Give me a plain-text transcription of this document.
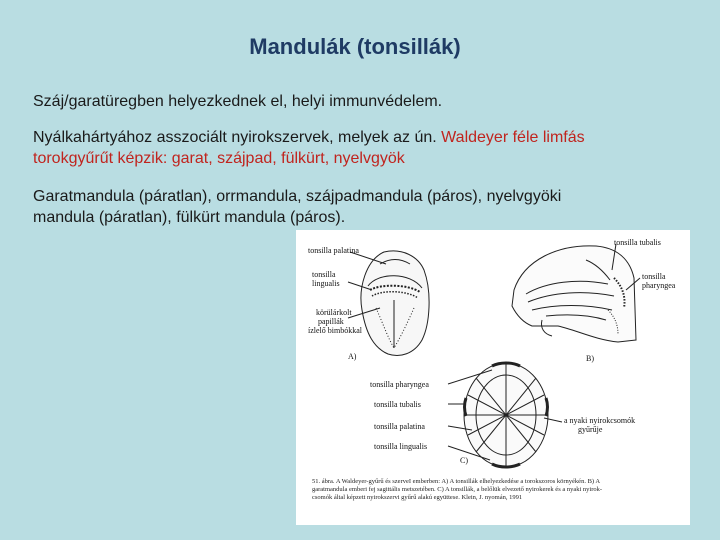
Mandulák (tonsillák)
Száj/garatüregben helyezkednek el, helyi immunvédelem.
Nyálkahártyához asszociált nyirokszervek, melyek az ún. Waldeyer féle limfás
torokgyűrűt képzik: garat, szájpad, fülkürt, nyelvgyök
Garatmandula (páratlan), orrmandula, szájpadmandula (páros), nyelvgyöki
mandula (páratlan), fülkürt mandula (páros).
tonsilla palatina
tonsilla
lingualis
körülárkolt
papillák
ízlelő bimbókkal
A)
tonsilla tubalis
tonsilla
pharyngea
B)
tonsilla pharyngea
tonsilla tubalis
tonsilla palatina
tonsilla lingualis
a nyaki nyirokcsomók
gyűrűje
C)
51. ábra. A Waldeyer-gyűrű és szerveI emberben: A) A tonsillák elhelyezkedése a torokszoros környékén. B) A
garatmandula emberi fej sagittális metszetében. C) A tonsillák, a belőlük elvezető nyirokerek és a nyaki nyirok-
csomók által képzett nyirokszervi gyűrű alakú együttese. Klein, J. nyomán, 1991
